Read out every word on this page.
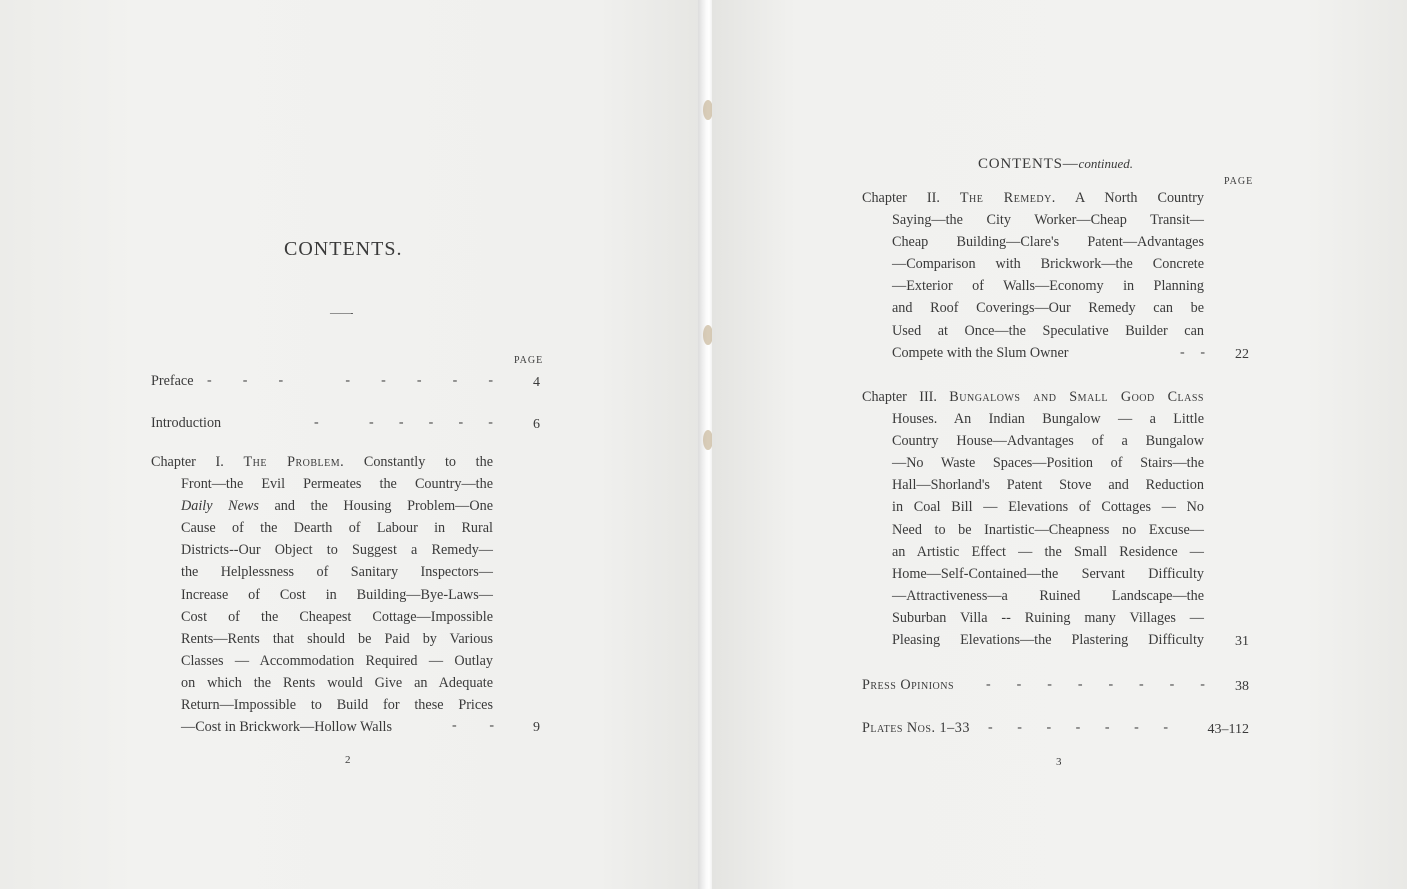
CONTENTS.
——-
PAGE
Preface - - -	- - - - -	4
Introduction	-	- - - - -	6
Chapter I. The Problem. Constantly to the
Front—the Evil Permeates the Country—the
Daily News and the Housing Problem—One
Cause of the Dearth of Labour in Rural
Districts--Our Object to Suggest a Remedy—
the Helplessness of Sanitary Inspectors—
Increase of Cost in Building—Bye-Laws—
Cost of the Cheapest Cottage—Impossible
Rents—Rents that should be Paid by Various
Classes — Accommodation Required — Outlay
on which the Rents would Give an Adequate
Return—Impossible to Build for these Prices
—Cost in Brickwork—Hollow Walls	- -	9
2
CONTENTS—continued.
PAGE
Chapter II. The Remedy. A North Country
Saying—the City Worker—Cheap Transit—
Cheap Building—Clare's Patent—Advantages
—Comparison with Brickwork—the Concrete
—Exterior of Walls—Economy in Planning
and Roof Coverings—Our Remedy can be
Used at Once—the Speculative Builder can
Compete with the Slum Owner	- -	22
Chapter III. Bungalows and Small Good Class
Houses. An Indian Bungalow — a Little
Country House—Advantages of a Bungalow
—No Waste Spaces—Position of Stairs—the
Hall—Shorland's Patent Stove and Reduction
in Coal Bill — Elevations of Cottages — No
Need to be Inartistic—Cheapness no Excuse—
an Artistic Effect — the Small Residence —
Home—Self-Contained—the Servant Difficulty
—Attractiveness—a Ruined Landscape—the
Suburban Villa -- Ruining many Villages —
Pleasing Elevations—the Plastering Difficulty	31
Press Opinions - - - - - - - -	38
Plates Nos. 1–33 - - - - - - -	43–112
3
